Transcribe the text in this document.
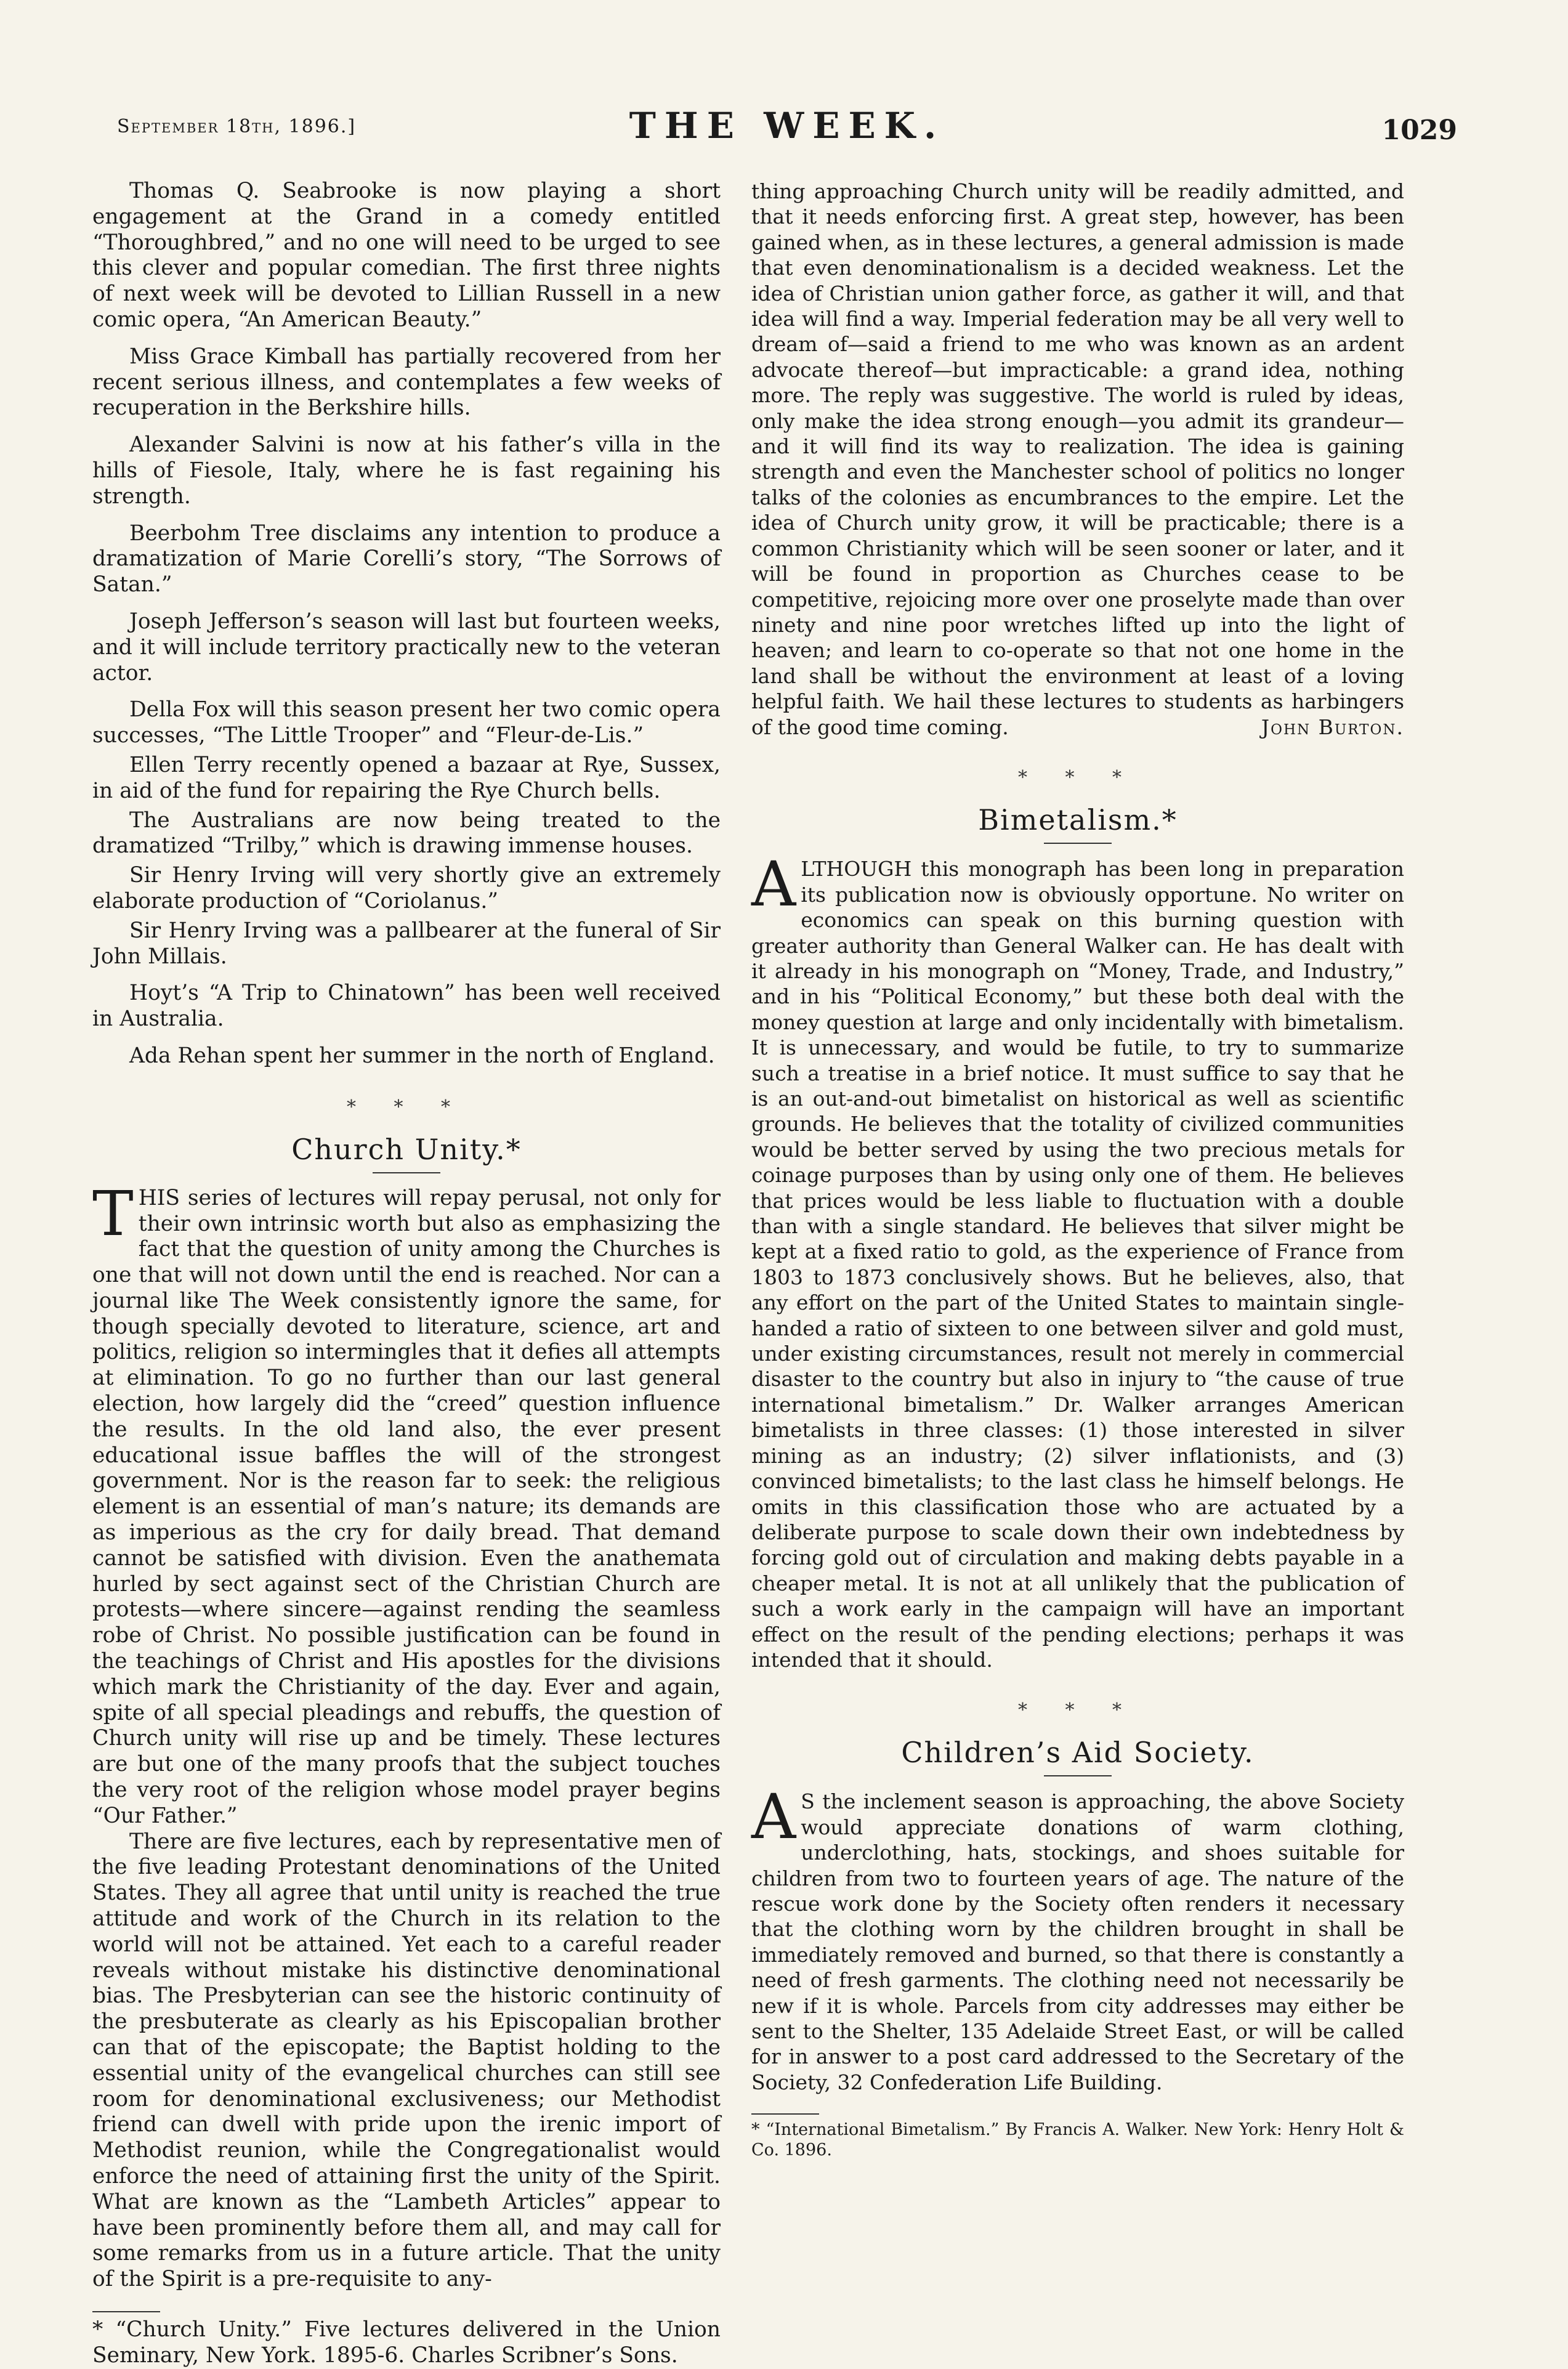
September 18th, 1896.]	THE WEEK.	1029

Thomas Q. Seabrooke is now playing a short engagement at the Grand in a comedy entitled “Thoroughbred,” and no one will need to be urged to see this clever and popular comedian. The first three nights of next week will be devoted to Lillian Russell in a new comic opera, “An American Beauty.”

Miss Grace Kimball has partially recovered from her recent serious illness, and contemplates a few weeks of recuperation in the Berkshire hills.

Alexander Salvini is now at his father’s villa in the hills of Fiesole, Italy, where he is fast regaining his strength.

Beerbohm Tree disclaims any intention to produce a dramatization of Marie Corelli’s story, “The Sorrows of Satan.”

Joseph Jefferson’s season will last but fourteen weeks, and it will include territory practically new to the veteran actor.

Della Fox will this season present her two comic opera successes, “The Little Trooper” and “Fleur-de-Lis.”

Ellen Terry recently opened a bazaar at Rye, Sussex, in aid of the fund for repairing the Rye Church bells.

The Australians are now being treated to the dramatized “Trilby,” which is drawing immense houses.

Sir Henry Irving will very shortly give an extremely elaborate production of “Coriolanus.”

Sir Henry Irving was a pallbearer at the funeral of Sir John Millais.

Hoyt’s “A Trip to Chinatown” has been well received in Australia.

Ada Rehan spent her summer in the north of England.

* * *
Church Unity.*

THIS series of lectures will repay perusal, not only for their own intrinsic worth but also as emphasizing the fact that the question of unity among the Churches is one that will not down until the end is reached. Nor can a journal like The Week consistently ignore the same, for though specially devoted to literature, science, art and politics, religion so intermingles that it defies all attempts at elimination. To go no further than our last general election, how largely did the “creed” question influence the results. In the old land also, the ever present educational issue baffles the will of the strongest government. Nor is the reason far to seek: the religious element is an essential of man’s nature; its demands are as imperious as the cry for daily bread. That demand cannot be satisfied with division. Even the anathemata hurled by sect against sect of the Christian Church are protests—where sincere—against rending the seamless robe of Christ. No possible justification can be found in the teachings of Christ and His apostles for the divisions which mark the Christianity of the day. Ever and again, spite of all special pleadings and rebuffs, the question of Church unity will rise up and be timely. These lectures are but one of the many proofs that the subject touches the very root of the religion whose model prayer begins “Our Father.”

There are five lectures, each by representative men of the five leading Protestant denominations of the United States. They all agree that until unity is reached the true attitude and work of the Church in its relation to the world will not be attained. Yet each to a careful reader reveals without mistake his distinctive denominational bias. The Presbyterian can see the historic continuity of the presbuterate as clearly as his Episcopalian brother can that of the episcopate; the Baptist holding to the essential unity of the evangelical churches can still see room for denominational exclusiveness; our Methodist friend can dwell with pride upon the irenic import of Methodist reunion, while the Congregationalist would enforce the need of attaining first the unity of the Spirit. What are known as the “Lambeth Articles” appear to have been prominently before them all, and may call for some remarks from us in a future article. That the unity of the Spirit is a pre-requisite to any-

* “Church Unity.” Five lectures delivered in the Union Seminary, New York. 1895-6. Charles Scribner’s Sons.

thing approaching Church unity will be readily admitted, and that it needs enforcing first. A great step, however, has been gained when, as in these lectures, a general admission is made that even denominationalism is a decided weakness. Let the idea of Christian union gather force, as gather it will, and that idea will find a way. Imperial federation may be all very well to dream of—said a friend to me who was known as an ardent advocate thereof—but impracticable: a grand idea, nothing more. The reply was suggestive. The world is ruled by ideas, only make the idea strong enough—you admit its grandeur—and it will find its way to realization. The idea is gaining strength and even the Manchester school of politics no longer talks of the colonies as encumbrances to the empire. Let the idea of Church unity grow, it will be practicable; there is a common Christianity which will be seen sooner or later, and it will be found in proportion as Churches cease to be competitive, rejoicing more over one proselyte made than over ninety and nine poor wretches lifted up into the light of heaven; and learn to co-operate so that not one home in the land shall be without the environment at least of a loving helpful faith. We hail these lectures to students as harbingers of the good time coming.	John Burton.

* * *
Bimetalism.*

ALTHOUGH this monograph has been long in preparation its publication now is obviously opportune. No writer on economics can speak on this burning question with greater authority than General Walker can. He has dealt with it already in his monograph on “Money, Trade, and Industry,” and in his “Political Economy,” but these both deal with the money question at large and only incidentally with bimetalism. It is unnecessary, and would be futile, to try to summarize such a treatise in a brief notice. It must suffice to say that he is an out-and-out bimetalist on historical as well as scientific grounds. He believes that the totality of civilized communities would be better served by using the two precious metals for coinage purposes than by using only one of them. He believes that prices would be less liable to fluctuation with a double than with a single standard. He believes that silver might be kept at a fixed ratio to gold, as the experience of France from 1803 to 1873 conclusively shows. But he believes, also, that any effort on the part of the United States to maintain single-handed a ratio of sixteen to one between silver and gold must, under existing circumstances, result not merely in commercial disaster to the country but also in injury to “the cause of true international bimetalism.” Dr. Walker arranges American bimetalists in three classes: (1) those interested in silver mining as an industry; (2) silver inflationists, and (3) convinced bimetalists; to the last class he himself belongs. He omits in this classification those who are actuated by a deliberate purpose to scale down their own indebtedness by forcing gold out of circulation and making debts payable in a cheaper metal. It is not at all unlikely that the publication of such a work early in the campaign will have an important effect on the result of the pending elections; perhaps it was intended that it should.

* * *
Children’s Aid Society.

AS the inclement season is approaching, the above Society would appreciate donations of warm clothing, underclothing, hats, stockings, and shoes suitable for children from two to fourteen years of age. The nature of the rescue work done by the Society often renders it necessary that the clothing worn by the children brought in shall be immediately removed and burned, so that there is constantly a need of fresh garments. The clothing need not necessarily be new if it is whole. Parcels from city addresses may either be sent to the Shelter, 135 Adelaide Street East, or will be called for in answer to a post card addressed to the Secretary of the Society, 32 Confederation Life Building.

* “International Bimetalism.” By Francis A. Walker. New York: Henry Holt & Co. 1896.
